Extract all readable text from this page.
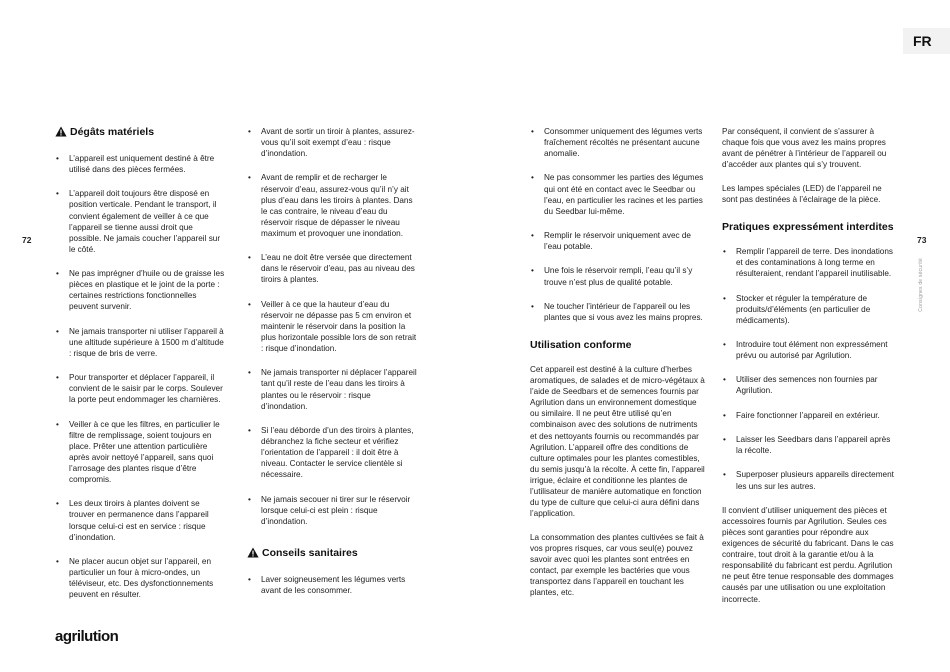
FR
72	73
Consignes de sécurité
Dégâts matériels
• L’appareil est uniquement destiné à être utilisé dans des pièces fermées.
• L’appareil doit toujours être disposé en position verticale. Pendant le transport, il convient également de veiller à ce que l’appareil se tienne aussi droit que possible. Ne jamais coucher l’appareil sur le côté.
• Ne pas imprégner d’huile ou de graisse les pièces en plastique et le joint de la porte : certaines restrictions fonctionnelles peuvent survenir.
• Ne jamais transporter ni utiliser l’appareil à une altitude supérieure à 1500 m d’altitude : risque de bris de verre.
• Pour transporter et déplacer l’appareil, il convient de le saisir par le corps. Soulever la porte peut endommager les charnières.
• Veiller à ce que les filtres, en particulier le filtre de remplissage, soient toujours en place. Prêter une attention particulière après avoir nettoyé l’appareil, sans quoi l’arrosage des plantes risque d’être compromis.
• Les deux tiroirs à plantes doivent se trouver en permanence dans l’appareil lorsque celui-ci est en service : risque d’inondation.
• Ne placer aucun objet sur l’appareil, en particulier un four à micro-ondes, un téléviseur, etc. Des dysfonctionnements peuvent en résulter.
• Avant de sortir un tiroir à plantes, assurez-vous qu’il soit exempt d’eau : risque d’inondation.
• Avant de remplir et de recharger le réservoir d’eau, assurez-vous qu’il n’y ait plus d’eau dans les tiroirs à plantes. Dans le cas contraire, le niveau d’eau du réservoir risque de dépasser le niveau maximum et provoquer une inondation.
• L’eau ne doit être versée que directement dans le réservoir d’eau, pas au niveau des tiroirs à plantes.
• Veiller à ce que la hauteur d’eau du réservoir ne dépasse pas 5 cm environ et maintenir le réservoir dans la position la plus horizontale possible lors de son retrait : risque d’inondation.
• Ne jamais transporter ni déplacer l’appareil tant qu’il reste de l’eau dans les tiroirs à plantes ou le réservoir : risque d’inondation.
• Si l’eau déborde d’un des tiroirs à plantes, débranchez la fiche secteur et vérifiez l’orientation de l’appareil : il doit être à niveau. Contacter le service clientèle si nécessaire.
• Ne jamais secouer ni tirer sur le réservoir lorsque celui-ci est plein : risque d’inondation.
Conseils sanitaires
• Laver soigneusement les légumes verts avant de les consommer.
• Consommer uniquement des légumes verts fraîchement récoltés ne présentant aucune anomalie.
• Ne pas consommer les parties des légumes qui ont été en contact avec le Seedbar ou l’eau, en particulier les racines et les parties du Seedbar lui-même.
• Remplir le réservoir uniquement avec de l’eau potable.
• Une fois le réservoir rempli, l’eau qu’il s’y trouve n’est plus de qualité potable.
• Ne toucher l’intérieur de l’appareil ou les plantes que si vous avez les mains propres.
Utilisation conforme

Cet appareil est destiné à la culture d’herbes aromatiques, de salades et de micro-végétaux à l’aide de Seedbars et de semences fournis par Agrilution dans un environnement domestique ou similaire. Il ne peut être utilisé qu’en combinaison avec des solutions de nutriments et des nettoyants fournis ou recommandés par Agrilution. L’appareil offre des conditions de culture optimales pour les plantes comestibles, du semis jusqu’à la récolte. À cette fin, l’appareil irrigue, éclaire et conditionne les plantes de l’utilisateur de manière automatique en fonction du type de culture que celui-ci aura défini dans l’application.

La consommation des plantes cultivées se fait à vos propres risques, car vous seul(e) pouvez savoir avec quoi les plantes sont entrées en contact, par exemple les bactéries que vous transportez dans l’appareil en touchant les plantes, etc.

Par conséquent, il convient de s’assurer à chaque fois que vous avez les mains propres avant de pénétrer à l’intérieur de l’appareil ou d’accéder aux plantes qui s’y trouvent.

Les lampes spéciales (LED) de l’appareil ne sont pas destinées à l’éclairage de la pièce.

Pratiques expressément interdites
• Remplir l’appareil de terre. Des inondations et des contaminations à long terme en résulteraient, rendant l’appareil inutilisable.
• Stocker et réguler la température de produits/d’éléments (en particulier de médicaments).
• Introduire tout élément non expressément prévu ou autorisé par Agrilution.
• Utiliser des semences non fournies par Agrilution.
• Faire fonctionner l’appareil en extérieur.
• Laisser les Seedbars dans l’appareil après la récolte.
• Superposer plusieurs appareils directement les uns sur les autres.

Il convient d’utiliser uniquement des pièces et accessoires fournis par Agrilution. Seules ces pièces sont garanties pour répondre aux exigences de sécurité du fabricant. Dans le cas contraire, tout droit à la garantie et/ou à la responsabilité du fabricant est perdu. Agrilution ne peut être tenue responsable des dommages causés par une utilisation ou une exploitation incorrecte.

agrilution
